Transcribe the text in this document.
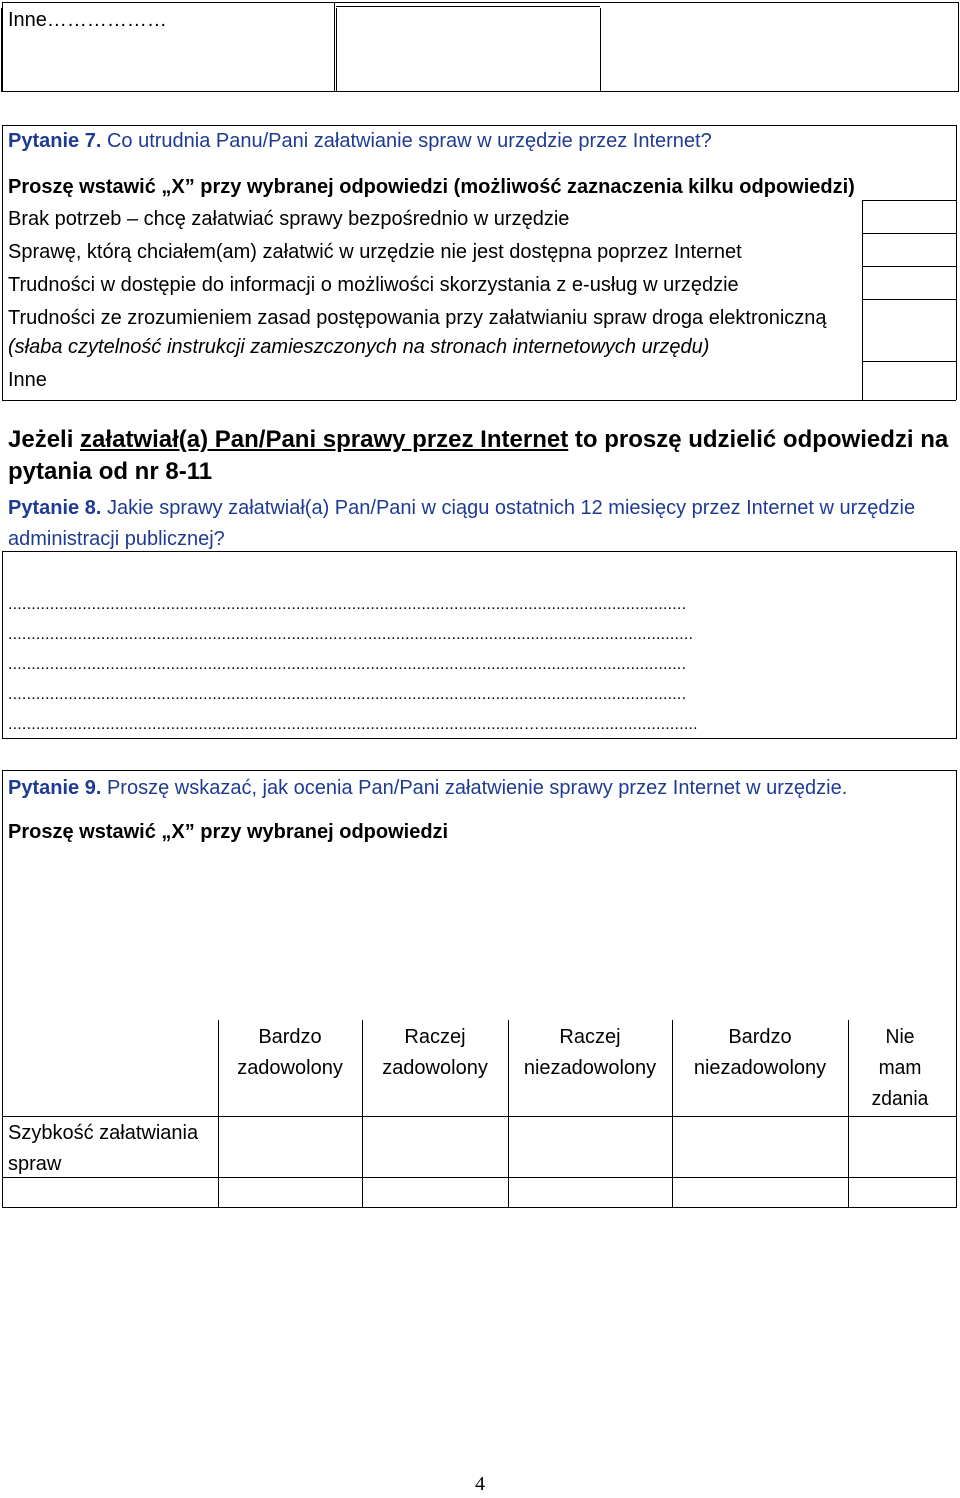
Inne………………
Pytanie 7. Co utrudnia Panu/Pani załatwianie spraw w urzędzie przez Internet?
Proszę wstawić „X” przy wybranej odpowiedzi (możliwość zaznaczenia kilku odpowiedzi)
Brak potrzeb – chcę załatwiać sprawy bezpośrednio w urzędzie
Sprawę, którą chciałem(am) załatwić w urzędzie nie jest dostępna poprzez Internet
Trudności w dostępie do informacji o możliwości skorzystania z e-usług w urzędzie
Trudności ze zrozumieniem zasad postępowania przy załatwianiu spraw droga elektroniczną
(słaba czytelność instrukcji zamieszczonych na stronach internetowych urzędu)
Inne
Jeżeli załatwiał(a) Pan/Pani sprawy przez Internet to proszę udzielić odpowiedzi na
pytania od nr 8-11
Pytanie 8. Jakie sprawy załatwiał(a) Pan/Pani w ciągu ostatnich 12 miesięcy przez Internet w urzędzie
administracji publicznej?
..................................................................................................................................................
.........................................................................….......................................................................
..................................................................................................................................................
..................................................................................................................................................
...............................................................................................................…..................................
Pytanie 9. Proszę wskazać, jak ocenia Pan/Pani załatwienie sprawy przez Internet w urzędzie.
Proszę wstawić „X” przy wybranej odpowiedzi
Bardzo
zadowolony
Raczej
zadowolony
Raczej
niezadowolony
Bardzo
niezadowolony
Nie
mam
zdania
Szybkość załatwiania
spraw
4
